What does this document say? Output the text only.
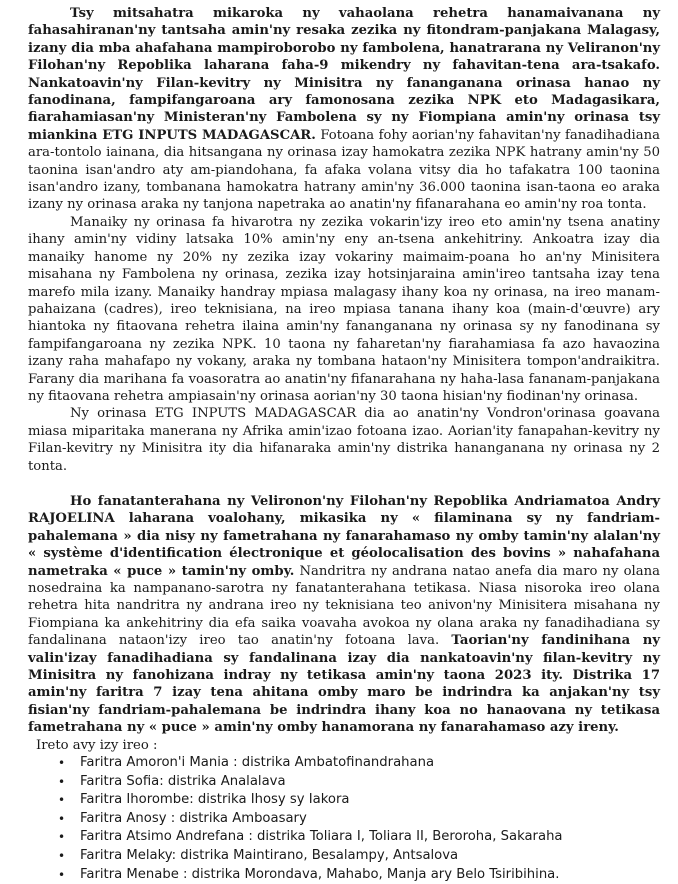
Tsy mitsahatra mikaroka ny vahaolana rehetra hanamaivanana ny fahasahiranan'ny tantsaha amin'ny resaka zezika ny fitondram-panjakana Malagasy, izany dia mba ahafahana mampiroborobo ny fambolena, hanatrarana ny Veliranon'ny Filohan'ny Repoblika laharana faha-9 mikendry ny fahavitan-tena ara-tsakafo. Nankatoavin'ny Filan-kevitry ny Minisitra ny fananganana orinasa hanao ny fanodinana, fampifangaroana ary famonosana zezika NPK eto Madagasikara, fiarahamiasan'ny Ministeran'ny Fambolena sy ny Fiompiana amin'ny orinasa tsy miankina ETG INPUTS MADAGASCAR. Fotoana fohy aorian'ny fahavitan'ny fanadihadiana ara-tontolo iainana, dia hitsangana ny orinasa izay hamokatra zezika NPK hatrany amin'ny 50 taonina isan'andro aty am-piandohana, fa afaka volana vitsy dia ho tafakatra 100 taonina isan'andro izany, tombanana hamokatra hatrany amin'ny 36.000 taonina isan-taona eo araka izany ny orinasa araka ny tanjona napetraka ao anatin'ny fifanarahana eo amin'ny roa tonta.

Manaiky ny orinasa fa hivarotra ny zezika vokarin'izy ireo eto amin'ny tsena anatiny ihany amin'ny vidiny latsaka 10% amin'ny eny an-tsena ankehitriny. Ankoatra izay dia manaiky hanome ny 20% ny zezika izay vokariny maimaim-poana ho an'ny Minisitera misahana ny Fambolena ny orinasa, zezika izay hotsinjaraina amin'ireo tantsaha izay tena marefo mila izany. Manaiky handray mpiasa malagasy ihany koa ny orinasa, na ireo manam-pahaizana (cadres), ireo teknisiana, na ireo mpiasa tanana ihany koa (main-d'œuvre) ary hiantoka ny fitaovana rehetra ilaina amin'ny fananganana ny orinasa sy ny fanodinana sy fampifangaroana ny zezika NPK. 10 taona ny faharetan'ny fiarahamiasa fa azo havaozina izany raha mahafapo ny vokany, araka ny tombana hataon'ny Minisitera tompon'andraikitra. Farany dia marihana fa voasoratra ao anatin'ny fifanarahana ny haha-lasa fananam-panjakana ny fitaovana rehetra ampiasain'ny orinasa aorian'ny 30 taona hisian'ny fiodinan'ny orinasa.

Ny orinasa ETG INPUTS MADAGASCAR dia ao anatin'ny Vondron'orinasa goavana miasa miparitaka manerana ny Afrika amin'izao fotoana izao. Aorian'ity fanapahan-kevitry ny Filan-kevitry ny Minisitra ity dia hifanaraka amin'ny distrika hananganana ny orinasa ny 2 tonta.

Ho fanatanterahana ny Velironon'ny Filohan'ny Repoblika Andriamatoa Andry RAJOELINA laharana voalohany, mikasika ny « filaminana sy ny fandriam-pahalemana » dia nisy ny fametrahana ny fanarahamaso ny omby tamin'ny alalan'ny « système d'identification électronique et géolocalisation des bovins » nahafahana nametraka « puce » tamin'ny omby. Nandritra ny andrana natao anefa dia maro ny olana nosedraina ka nampanano-sarotra ny fanatanterahana tetikasa. Niasa nisoroka ireo olana rehetra hita nandritra ny andrana ireo ny teknisiana teo anivon'ny Minisitera misahana ny Fiompiana ka ankehitriny dia efa saika voavaha avokoa ny olana araka ny fanadihadiana sy fandalinana nataon'izy ireo tao anatin'ny fotoana lava. Taorian'ny fandinihana ny valin'izay fanadihadiana sy fandalinana izay dia nankatoavin'ny filan-kevitry ny Minisitra ny fanohizana indray ny tetikasa amin'ny taona 2023 ity. Distrika 17 amin'ny faritra 7 izay tena ahitana omby maro be indrindra ka anjakan'ny tsy fisian'ny fandriam-pahalemana be indrindra ihany koa no hanaovana ny tetikasa fametrahana ny « puce » amin'ny omby hanamorana ny fanarahamaso azy ireny.

Ireto avy izy ireo :
• Faritra Amoron'i Mania : distrika Ambatofinandrahana
• Faritra Sofia: distrika Analalava
• Faritra Ihorombe: distrika Ihosy sy Iakora
• Faritra Anosy : distrika Amboasary
• Faritra Atsimo Andrefana : distrika Toliara I, Toliara II, Beroroha, Sakaraha
• Faritra Melaky: distrika Maintirano, Besalampy, Antsalova
• Faritra Menabe : distrika Morondava, Mahabo, Manja ary Belo Tsiribihina.
